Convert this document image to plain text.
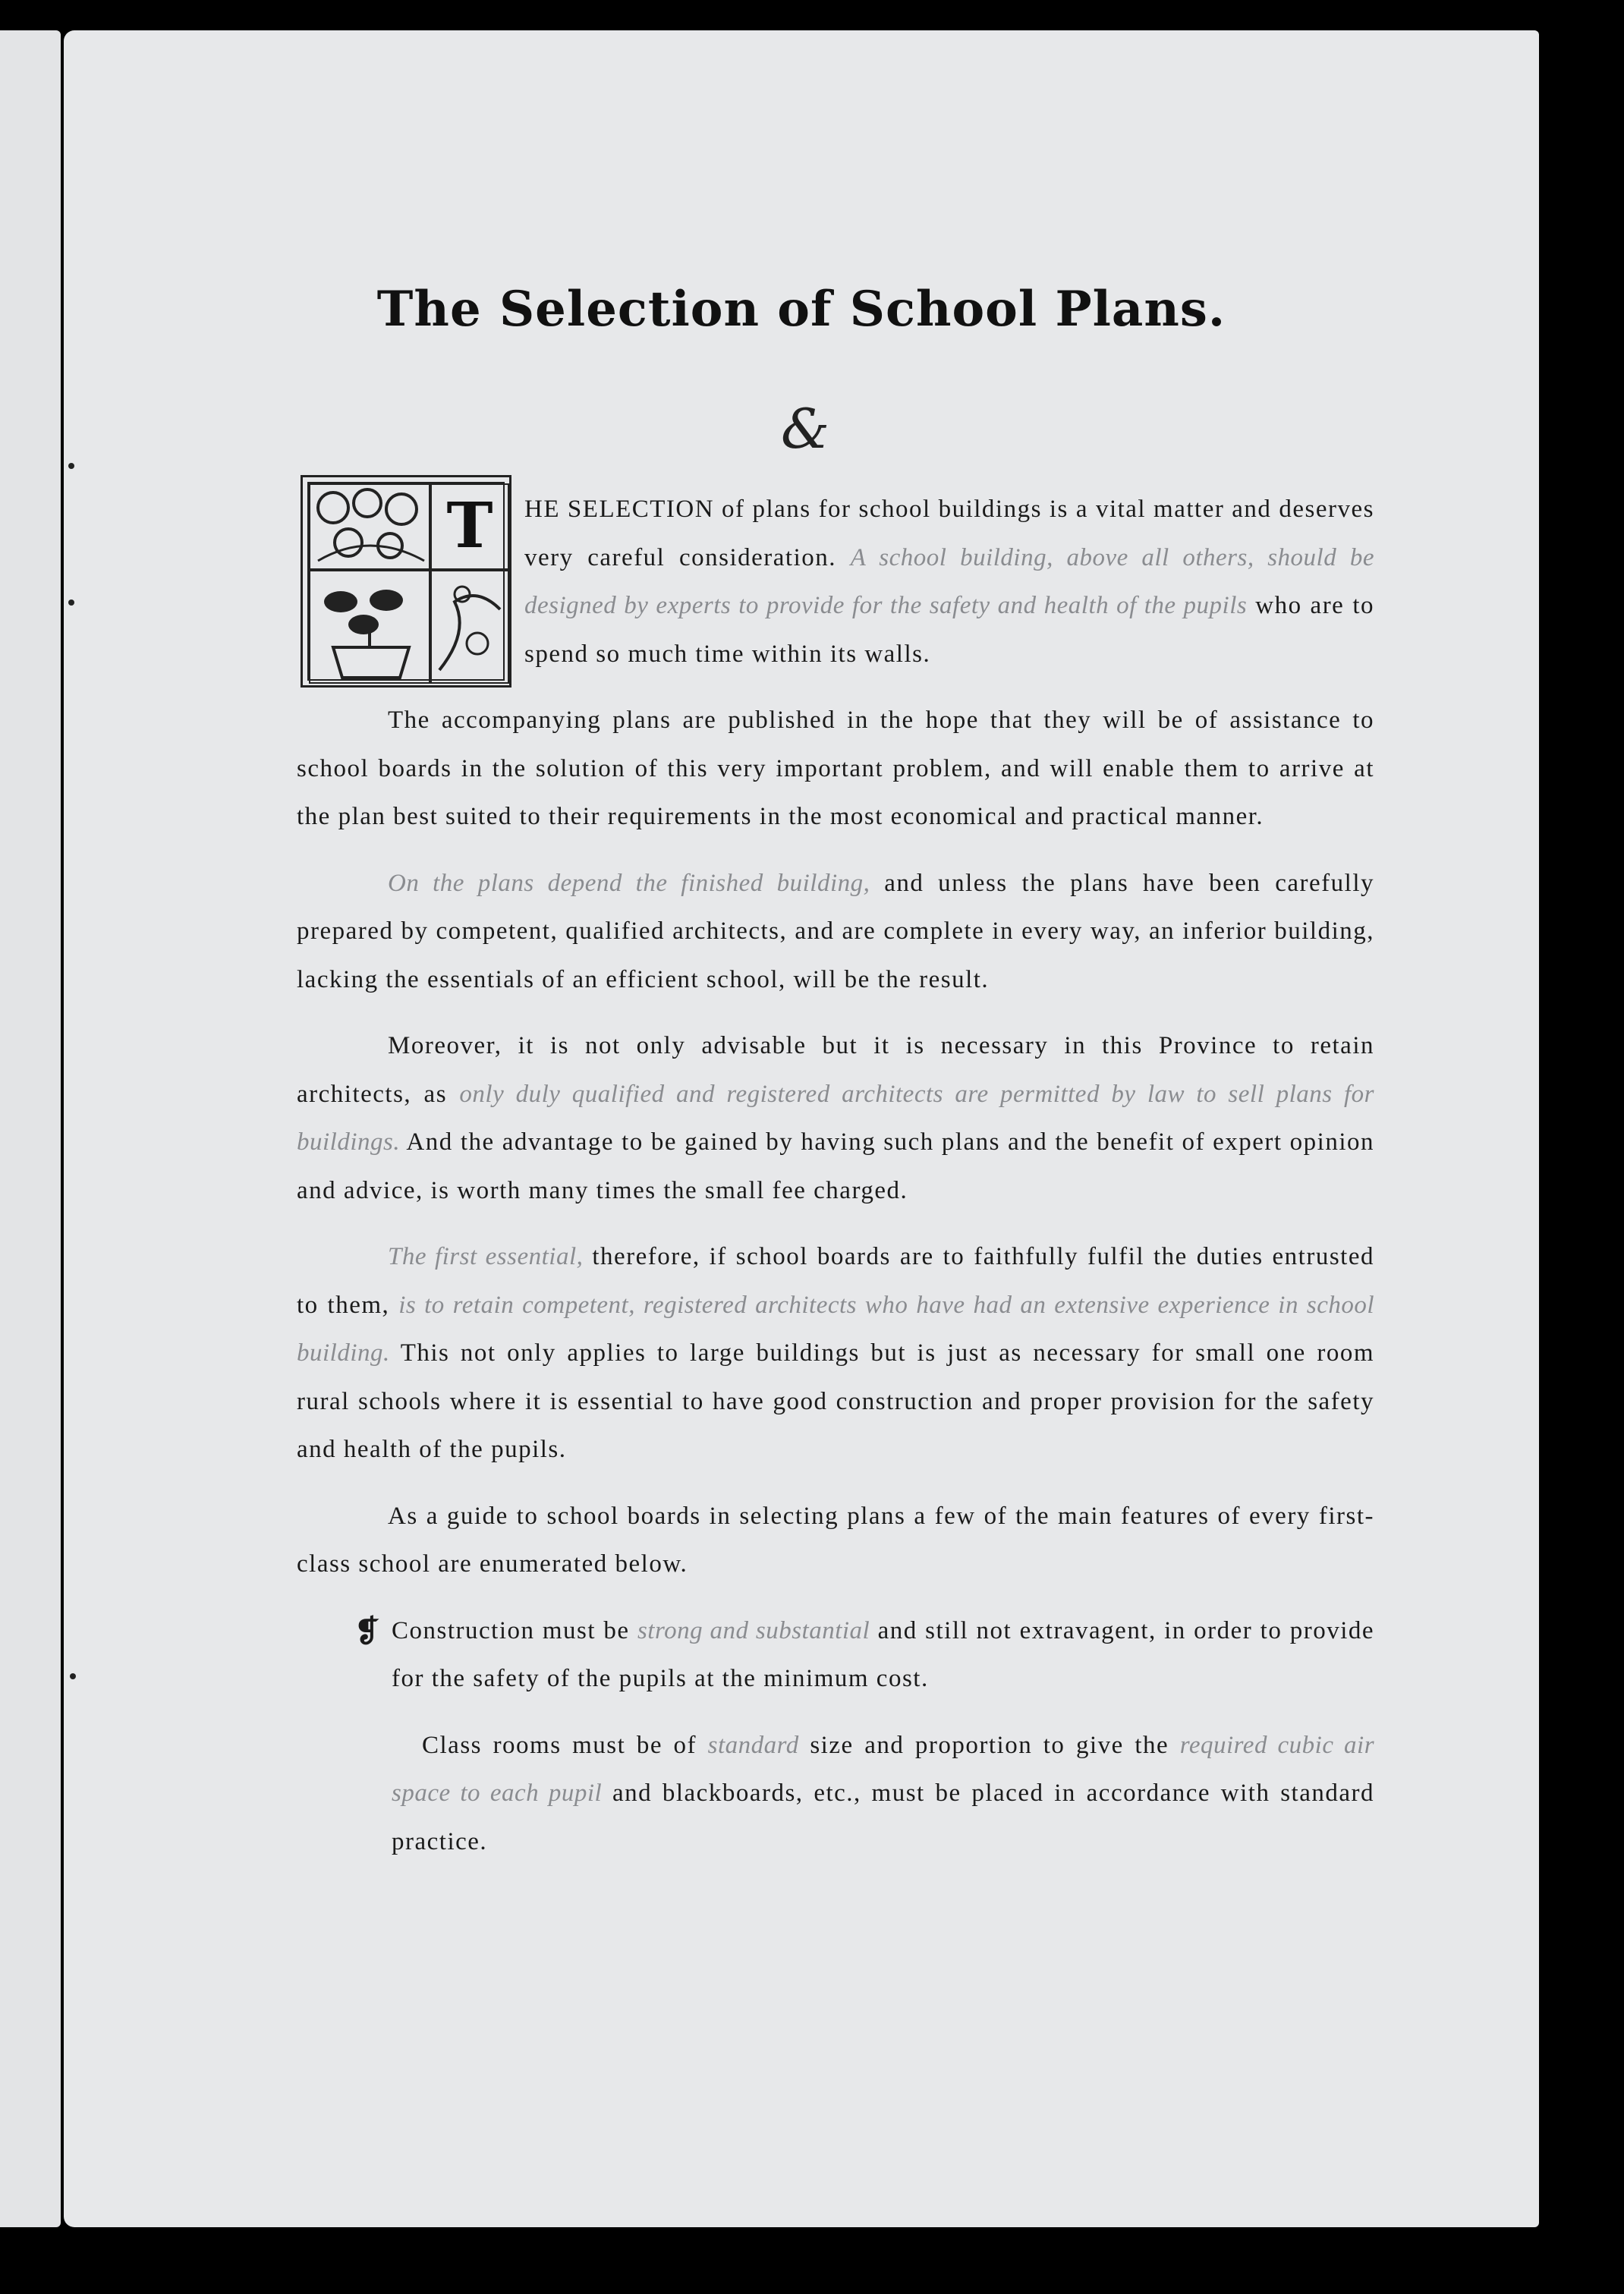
The Selection of School Plans.
&
T	HE SELECTION of plans for school buildings is a vital matter and deserves very careful consideration. A school building, above all others, should be designed by experts to provide for the safety and health of the pupils who are to spend so much time within its walls.

The accompanying plans are published in the hope that they will be of assistance to school boards in the solution of this very important problem, and will enable them to arrive at the plan best suited to their requirements in the most economical and practical manner.

On the plans depend the finished building, and unless the plans have been carefully prepared by competent, qualified architects, and are complete in every way, an inferior building, lacking the essentials of an efficient school, will be the result.

Moreover, it is not only advisable but it is necessary in this Province to retain architects, as only duly qualified and registered architects are permitted by law to sell plans for buildings. And the advantage to be gained by having such plans and the benefit of expert opinion and advice, is worth many times the small fee charged.

The first essential, therefore, if school boards are to faithfully fulfil the duties entrusted to them, is to retain competent, registered architects who have had an extensive experience in school building. This not only applies to large buildings but is just as necessary for small one room rural schools where it is essential to have good construction and proper provision for the safety and health of the pupils.

As a guide to school boards in selecting plans a few of the main features of every first-class school are enumerated below.

❡ Construction must be strong and substantial and still not extravagent, in order to provide for the safety of the pupils at the minimum cost.

Class rooms must be of standard size and proportion to give the required cubic air space to each pupil and blackboards, etc., must be placed in accordance with standard practice.
